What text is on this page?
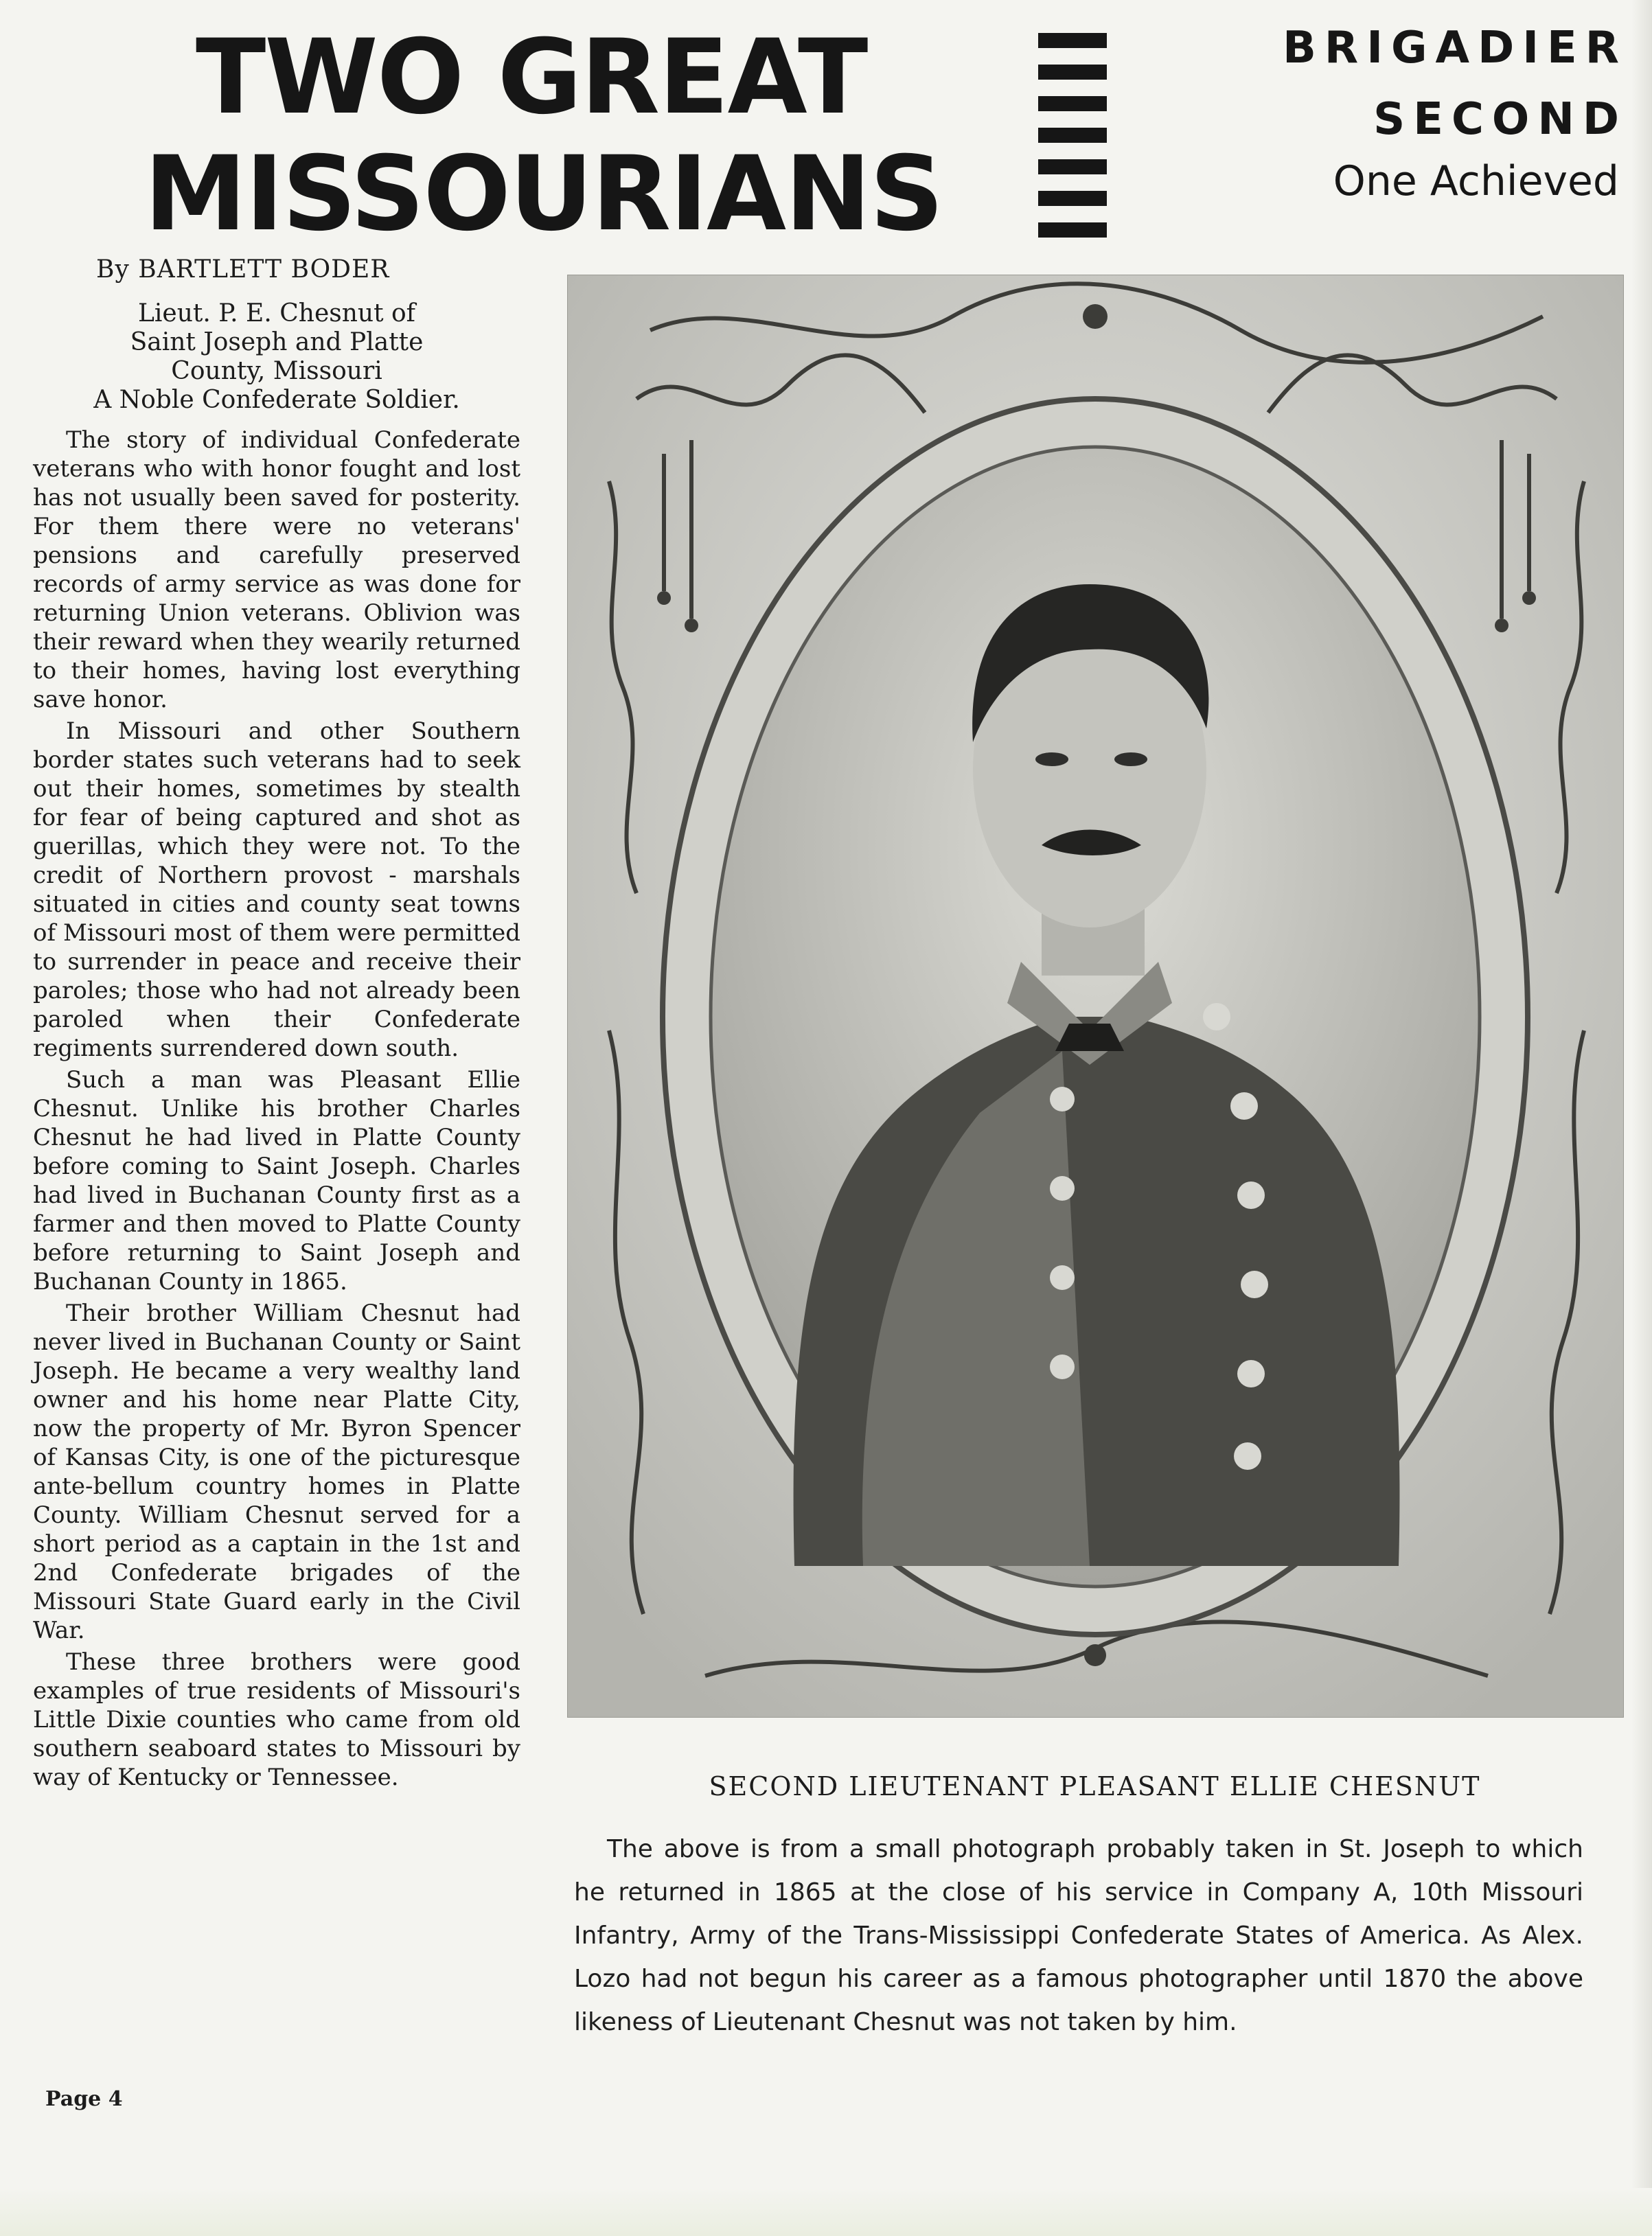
TWO GREAT
MISSOURIANS
BRIGADIER
SECOND
One Achieved
By BARTLETT BODER
Lieut. P. E. Chesnut of
Saint Joseph and Platte
County, Missouri
A Noble Confederate Soldier.

The story of individual Confederate veterans who with honor fought and lost has not usually been saved for posterity. For them there were no veterans' pensions and carefully preserved records of army service as was done for returning Union veterans. Oblivion was their reward when they wearily returned to their homes, having lost everything save honor.

In Missouri and other Southern border states such veterans had to seek out their homes, sometimes by stealth for fear of being captured and shot as guerillas, which they were not. To the credit of Northern provost - marshals situated in cities and county seat towns of Missouri most of them were permitted to surrender in peace and receive their paroles; those who had not already been paroled when their Confederate regiments surrendered down south.

Such a man was Pleasant Ellie Chesnut. Unlike his brother Charles Chesnut he had lived in Platte County before coming to Saint Joseph. Charles had lived in Buchanan County first as a farmer and then moved to Platte County before returning to Saint Joseph and Buchanan County in 1865.

Their brother William Chesnut had never lived in Buchanan County or Saint Joseph. He became a very wealthy land owner and his home near Platte City, now the property of Mr. Byron Spencer of Kansas City, is one of the picturesque ante-bellum country homes in Platte County. William Chesnut served for a short period as a captain in the 1st and 2nd Confederate brigades of the Missouri State Guard early in the Civil War.

These three brothers were good examples of true residents of Missouri's Little Dixie counties who came from old southern seaboard states to Missouri by way of Kentucky or Tennessee.

Page 4
SECOND LIEUTENANT PLEASANT ELLIE CHESNUT
The above is from a small photograph probably taken in St. Joseph to which he returned in 1865 at the close of his service in Company A, 10th Missouri Infantry, Army of the Trans-Mississippi Confederate States of America. As Alex. Lozo had not begun his career as a famous photographer until 1870 the above likeness of Lieutenant Chesnut was not taken by him.
